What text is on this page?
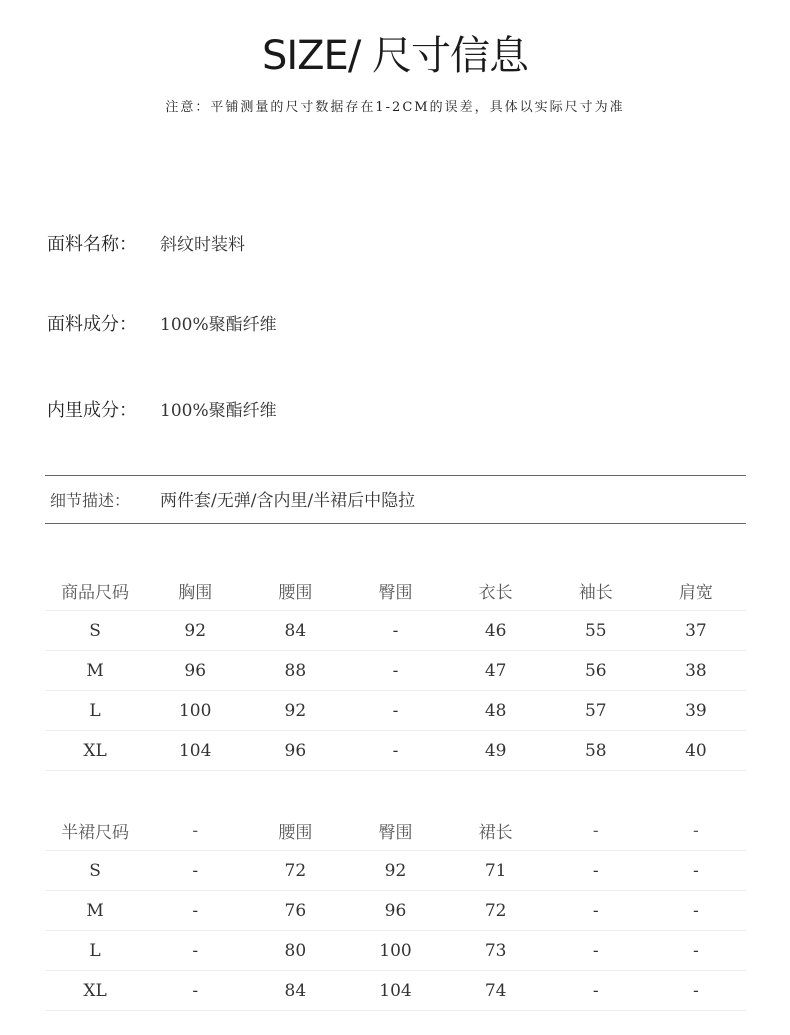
SIZE/ 尺寸信息
注意：平铺测量的尺寸数据存在1-2CM的误差，具体以实际尺寸为准
面料名称： 斜纹时装料
面料成分： 100%聚酯纤维
内里成分： 100%聚酯纤维
细节描述： 两件套/无弹/含内里/半裙后中隐拉
商品尺码	胸围	腰围	臀围	衣长	袖长	肩宽
S	92	84	-	46	55	37
M	96	88	-	47	56	38
L	100	92	-	48	57	39
XL	104	96	-	49	58	40
半裙尺码	-	腰围	臀围	裙长	-	-
S	-	72	92	71	-	-
M	-	76	96	72	-	-
L	-	80	100	73	-	-
XL	-	84	104	74	-	-
